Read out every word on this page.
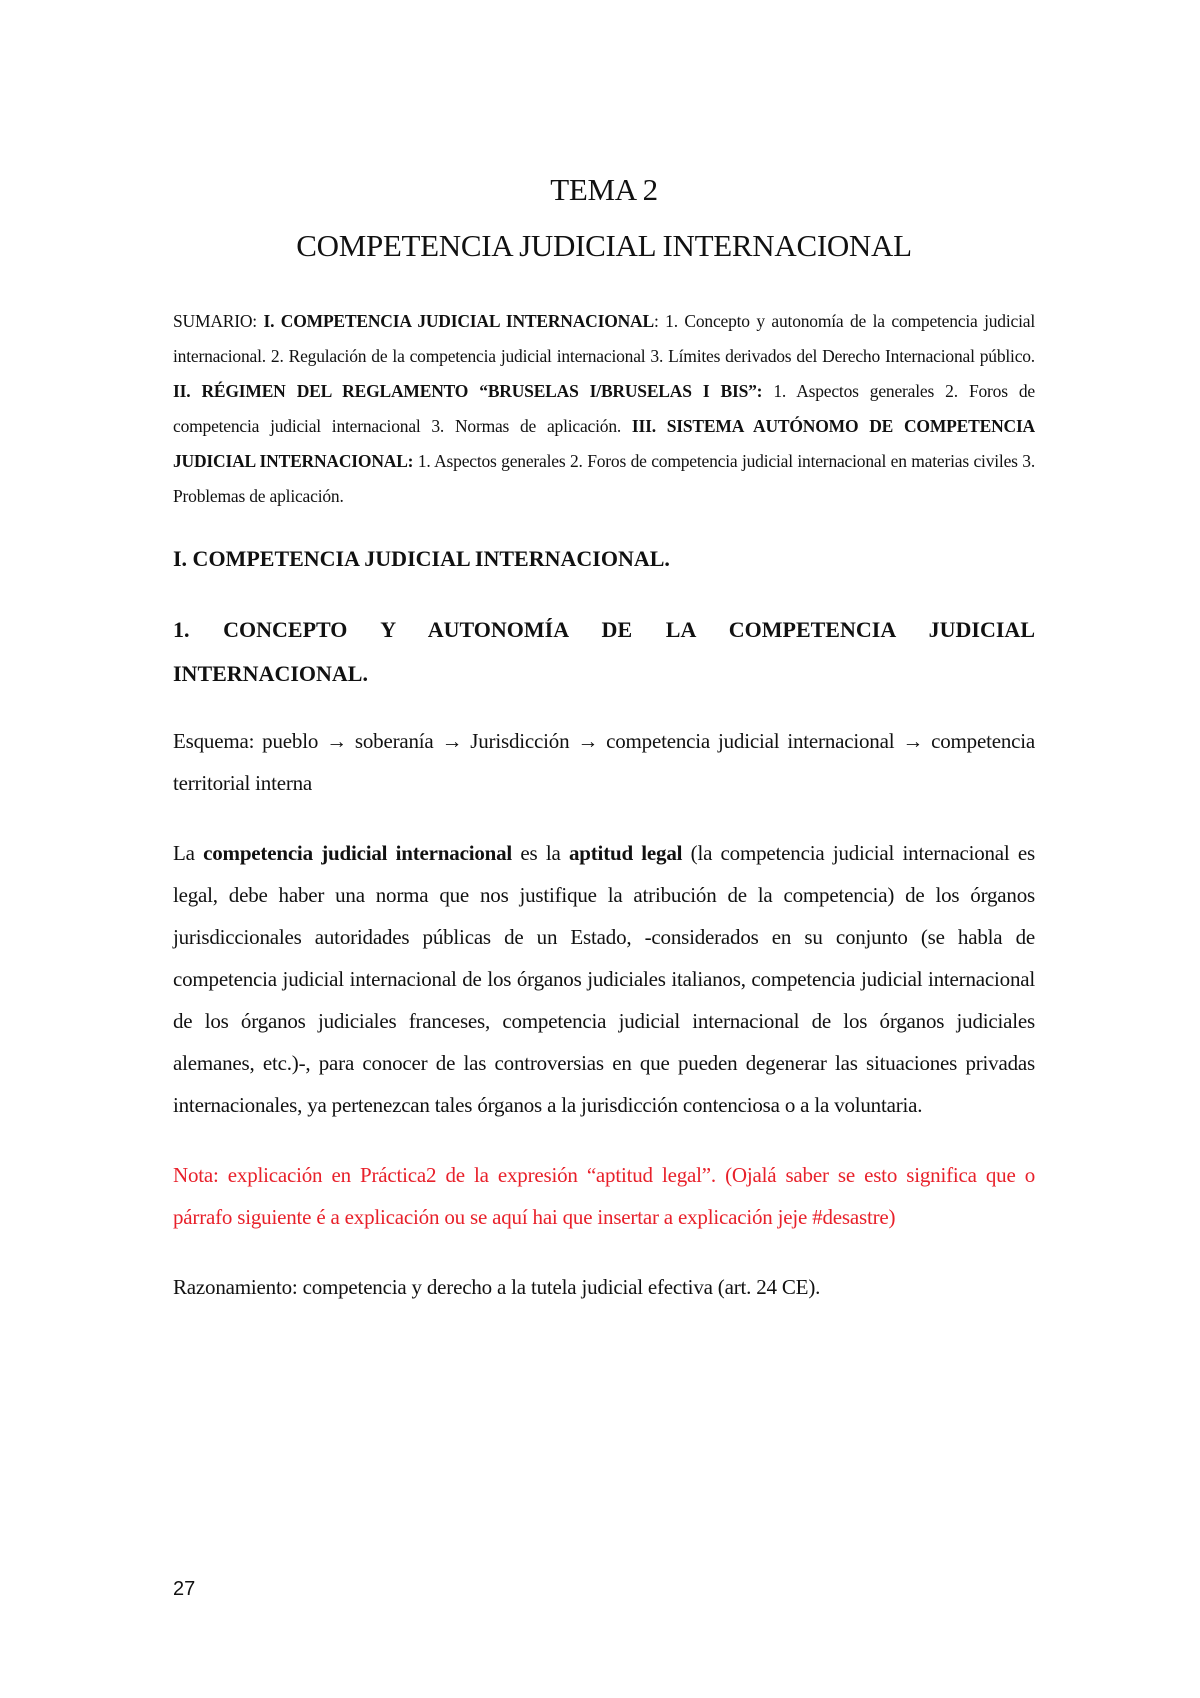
TEMA 2
COMPETENCIA JUDICIAL INTERNACIONAL

SUMARIO: I. COMPETENCIA JUDICIAL INTERNACIONAL: 1. Concepto y autonomía de la competencia judicial internacional. 2. Regulación de la competencia judicial internacional 3. Límites derivados del Derecho Internacional público. II. RÉGIMEN DEL REGLAMENTO “BRUSELAS I/BRUSELAS I BIS”: 1. Aspectos generales 2. Foros de competencia judicial internacional 3. Normas de aplicación. III. SISTEMA AUTÓNOMO DE COMPETENCIA JUDICIAL INTERNACIONAL: 1. Aspectos generales 2. Foros de competencia judicial internacional en materias civiles 3. Problemas de aplicación.

I. COMPETENCIA JUDICIAL INTERNACIONAL.
1. CONCEPTO Y AUTONOMÍA DE LA COMPETENCIA JUDICIAL INTERNACIONAL.

Esquema: pueblo → soberanía → Jurisdicción → competencia judicial internacional → competencia territorial interna

La competencia judicial internacional es la aptitud legal (la competencia judicial internacional es legal, debe haber una norma que nos justifique la atribución de la competencia) de los órganos jurisdiccionales autoridades públicas de un Estado, -considerados en su conjunto (se habla de competencia judicial internacional de los órganos judiciales italianos, competencia judicial internacional de los órganos judiciales franceses, competencia judicial internacional de los órganos judiciales alemanes, etc.)-, para conocer de las controversias en que pueden degenerar las situaciones privadas internacionales, ya pertenezcan tales órganos a la jurisdicción contenciosa o a la voluntaria.

Nota: explicación en Práctica2 de la expresión “aptitud legal”. (Ojalá saber se esto significa que o párrafo siguiente é a explicación ou se aquí hai que insertar a explicación jeje #desastre)

Razonamiento: competencia y derecho a la tutela judicial efectiva (art. 24 CE).

27
